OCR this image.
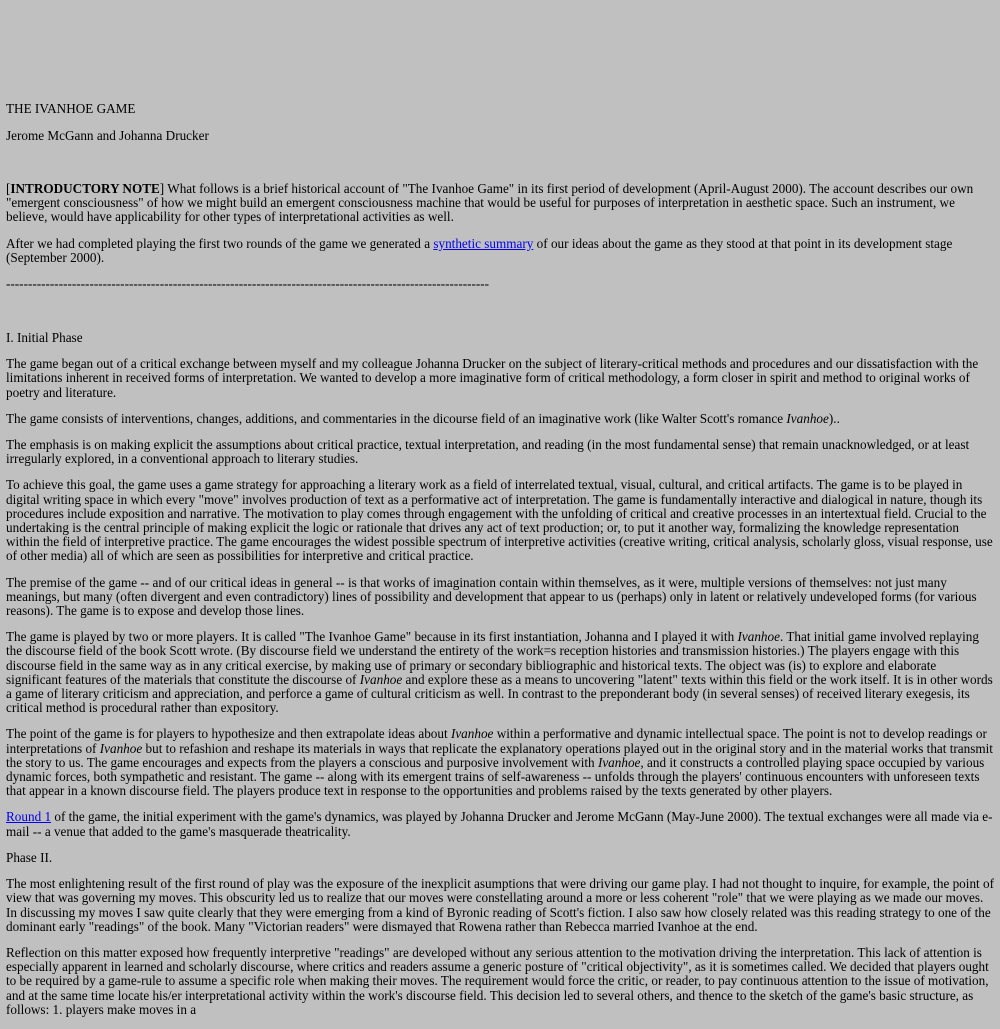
THE IVANHOE GAME

Jerome McGann and Johanna Drucker

[INTRODUCTORY NOTE] What follows is a brief historical account of "The Ivanhoe Game" in its first period of development (April-August 2000). The account describes our own "emergent consciousness" of how we might build an emergent consciousness machine that would be useful for purposes of interpretation in aesthetic space. Such an instrument, we believe, would have applicability for other types of interpretational activities as well.

After we had completed playing the first two rounds of the game we generated a synthetic summary of our ideas about the game as they stood at that point in its development stage (September 2000).

--------------------------------------------------------------------------------------------------------------

I. Initial Phase

The game began out of a critical exchange between myself and my colleague Johanna Drucker on the subject of literary-critical methods and procedures and our dissatisfaction with the limitations inherent in received forms of interpretation. We wanted to develop a more imaginative form of critical methodology, a form closer in spirit and method to original works of poetry and literature.

The game consists of interventions, changes, additions, and commentaries in the dicourse field of an imaginative work (like Walter Scott's romance Ivanhoe)..

The emphasis is on making explicit the assumptions about critical practice, textual interpretation, and reading (in the most fundamental sense) that remain unacknowledged, or at least irregularly explored, in a conventional approach to literary studies.

To achieve this goal, the game uses a game strategy for approaching a literary work as a field of interrelated textual, visual, cultural, and critical artifacts. The game is to be played in digital writing space in which every "move" involves production of text as a performative act of interpretation. The game is fundamentally interactive and dialogical in nature, though its procedures include exposition and narrative. The motivation to play comes through engagement with the unfolding of critical and creative processes in an intertextual field. Crucial to the undertaking is the central principle of making explicit the logic or rationale that drives any act of text production; or, to put it another way, formalizing the knowledge representation within the field of interpretive practice. The game encourages the widest possible spectrum of interpretive activities (creative writing, critical analysis, scholarly gloss, visual response, use of other media) all of which are seen as possibilities for interpretive and critical practice.

The premise of the game -- and of our critical ideas in general -- is that works of imagination contain within themselves, as it were, multiple versions of themselves: not just many meanings, but many (often divergent and even contradictory) lines of possibility and development that appear to us (perhaps) only in latent or relatively undeveloped forms (for various reasons). The game is to expose and develop those lines.

The game is played by two or more players. It is called "The Ivanhoe Game" because in its first instantiation, Johanna and I played it with Ivanhoe. That initial game involved replaying the discourse field of the book Scott wrote. (By discourse field we understand the entirety of the work=s reception histories and transmission histories.) The players engage with this discourse field in the same way as in any critical exercise, by making use of primary or secondary bibliographic and historical texts. The object was (is) to explore and elaborate significant features of the materials that constitute the discourse of Ivanhoe and explore these as a means to uncovering "latent" texts within this field or the work itself. It is in other words a game of literary criticism and appreciation, and perforce a game of cultural criticism as well. In contrast to the preponderant body (in several senses) of received literary exegesis, its critical method is procedural rather than expository.

The point of the game is for players to hypothesize and then extrapolate ideas about Ivanhoe within a performative and dynamic intellectual space. The point is not to develop readings or interpretations of Ivanhoe but to refashion and reshape its materials in ways that replicate the explanatory operations played out in the original story and in the material works that transmit the story to us. The game encourages and expects from the players a conscious and purposive involvement with Ivanhoe, and it constructs a controlled playing space occupied by various dynamic forces, both sympathetic and resistant. The game -- along with its emergent trains of self-awareness -- unfolds through the players' continuous encounters with unforeseen texts that appear in a known discourse field. The players produce text in response to the opportunities and problems raised by the texts generated by other players.

Round 1 of the game, the initial experiment with the game's dynamics, was played by Johanna Drucker and Jerome McGann (May-June 2000). The textual exchanges were all made via e-mail -- a venue that added to the game's masquerade theatricality.

Phase II.

The most enlightening result of the first round of play was the exposure of the inexplicit asumptions that were driving our game play. I had not thought to inquire, for example, the point of view that was governing my moves. This obscurity led us to realize that our moves were constellating around a more or less coherent "role" that we were playing as we made our moves. In discussing my moves I saw quite clearly that they were emerging from a kind of Byronic reading of Scott's fiction. I also saw how closely related was this reading strategy to one of the dominant early "readings" of the book. Many "Victorian readers" were dismayed that Rowena rather than Rebecca married Ivanhoe at the end.

Reflection on this matter exposed how frequently interpretive "readings" are developed without any serious attention to the motivation driving the interpretation. This lack of attention is especially apparent in learned and scholarly discourse, where critics and readers assume a generic posture of "critical objectivity", as it is sometimes called. We decided that players ought to be required by a game-rule to assume a specific role when making their moves. The requirement would force the critic, or reader, to pay continuous attention to the issue of motivation, and at the same time locate his/er interpretational activity within the work's discourse field. This decision led to several others, and thence to the sketch of the game's basic structure, as follows: 1. players make moves in a
